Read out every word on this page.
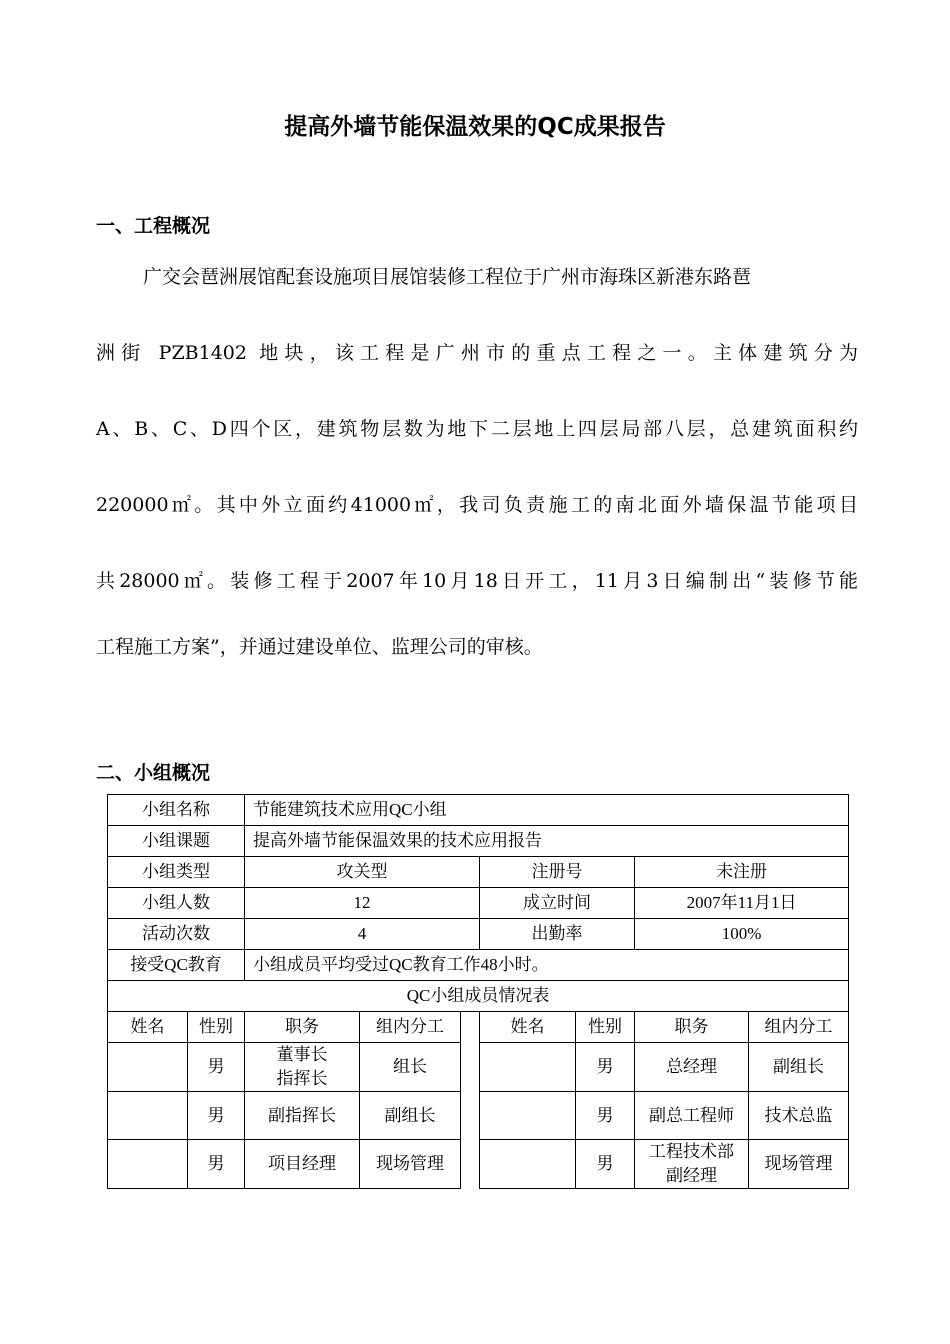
提高外墙节能保温效果的QC成果报告
一、工程概况
广交会琶洲展馆配套设施项目展馆装修工程位于广州市海珠区新港东路琶
洲街 PZB1402 地块，该工程是广州市的重点工程之一。主体建筑分为
A、B、C、D四个区，建筑物层数为地下二层地上四层局部八层，总建筑面积约
220000㎡。其中外立面约41000㎡，我司负责施工的南北面外墙保温节能项目
共28000㎡。装修工程于2007年10月18日开工，11月3日编制出“装修节能
工程施工方案”，并通过建设单位、监理公司的审核。
二、小组概况
小组名称		节能建筑技术应用QC小组						
小组课题		提高外墙节能保温效果的技术应用报告						
小组类型		攻关型			注册号		未注册	
小组人数		12			成立时间		2007年11月1日	
活动次数		4			出勤率		100%	
接受QC教育		小组成员平均受过QC教育工作48小时。						
QC小组成员情况表								
姓名	性别	职务	组内分工		姓名	性别	职务	组内分工
	男	董事长
指挥长	组长			男	总经理	副组长
	男	副指挥长	副组长			男	副总工程师	技术总监
	男	项目经理	现场管理			男	工程技术部
副经理	现场管理
